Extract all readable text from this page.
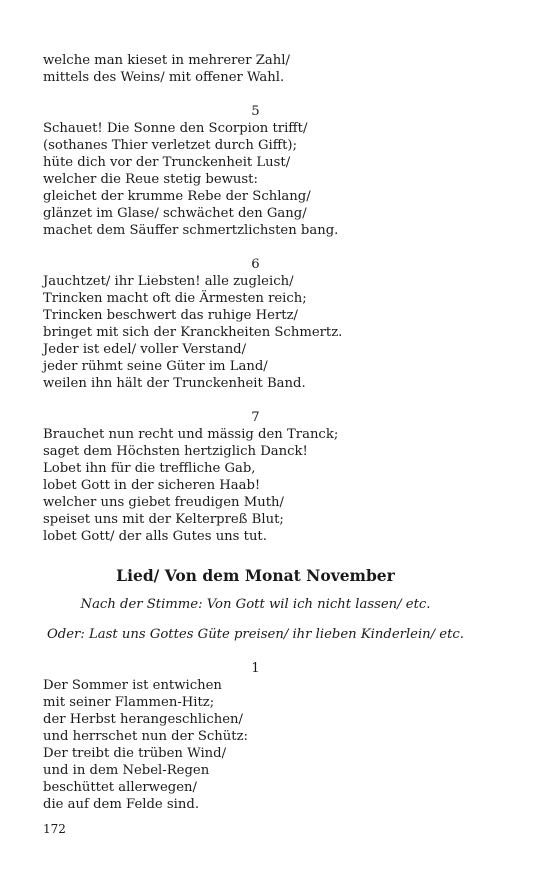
welche man kieset in mehrerer Zahl/
mittels des Weins/ mit offener Wahl.
5
Schauet! Die Sonne den Scorpion trifft/
(sothanes Thier verletzet durch Gifft);
hüte dich vor der Trunckenheit Lust/
welcher die Reue stetig bewust:
gleichet der krumme Rebe der Schlang/
glänzet im Glase/ schwächet den Gang/
machet dem Säuffer schmertzlichsten bang.
6
Jauchtzet/ ihr Liebsten! alle zugleich/
Trincken macht oft die Ärmesten reich;
Trincken beschwert das ruhige Hertz/
bringet mit sich der Kranckheiten Schmertz.
Jeder ist edel/ voller Verstand/
jeder rühmt seine Güter im Land/
weilen ihn hält der Trunckenheit Band.
7
Brauchet nun recht und mässig den Tranck;
saget dem Höchsten hertziglich Danck!
Lobet ihn für die treffliche Gab,
lobet Gott in der sicheren Haab!
welcher uns giebet freudigen Muth/
speiset uns mit der Kelterpreß Blut;
lobet Gott/ der alls Gutes uns tut.
Lied/ Von dem Monat November
Nach der Stimme: Von Gott wil ich nicht lassen/ etc.
Oder: Last uns Gottes Güte preisen/ ihr lieben Kinderlein/ etc.
1
Der Sommer ist entwichen
mit seiner Flammen-Hitz;
der Herbst herangeschlichen/
und herrschet nun der Schütz:
Der treibt die trüben Wind/
und in dem Nebel-Regen
beschüttet allerwegen/
die auf dem Felde sind.
172
